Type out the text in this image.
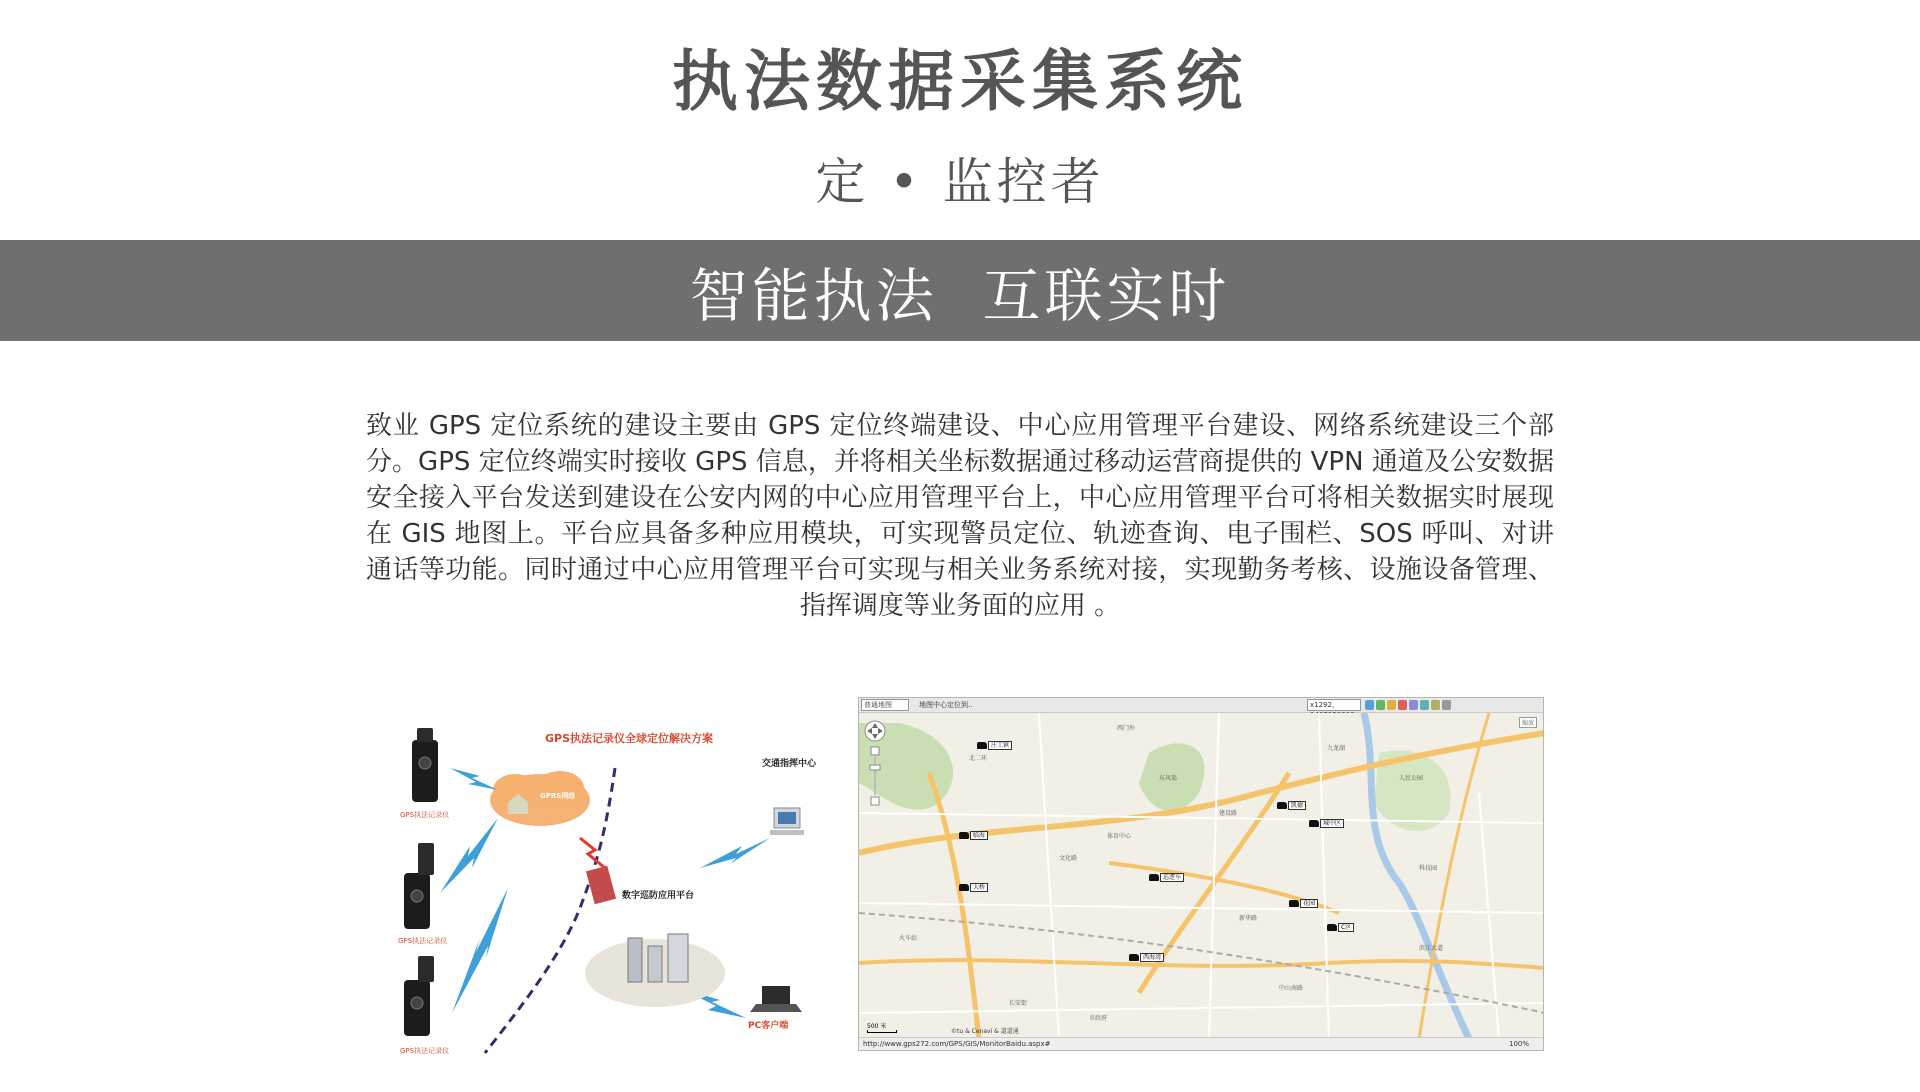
执法数据采集系统
定 • 监控者
智能执法  互联实时

致业 GPS 定位系统的建设主要由 GPS 定位终端建设、中心应用管理平台建设、网络系统建设三个部分。GPS 定位终端实时接收 GPS 信息，并将相关坐标数据通过移动运营商提供的 VPN 通道及公安数据安全接入平台发送到建设在公安内网的中心应用管理平台上，中心应用管理平台可将相关数据实时展现在 GIS 地图上。平台应具备多种应用模块，可实现警员定位、轨迹查询、电子围栏、SOS 呼叫、对讲通话等功能。同时通过中心应用管理平台可实现与相关业务系统对接，实现勤务考核、设施设备管理、指挥调度等业务面的应用 。

GPS执法记录仪全球定位解决方案
GPS执法记录仪
GPS执法记录仪
GPS执法记录仪
GPRS网络
交通指挥中心
数字巡防应用平台
PC客户端
普通地图	地图中心定位到..	x1292，
西门外
东风渠
体育中心
文化路
人民公园
新华路
火车站
中山南路
滨江大道
北二环
科技园
建设路
九龙湖
长安街
市政府
庄工镇
凯德
城中区
临海
大桥
巡逻车
C区
花园
西海湾
500 米
©tu & Cenavi & 道道通
缩放
http://www.gps272.com/GPS/GIS/MonitorBaidu.aspx#	100%
